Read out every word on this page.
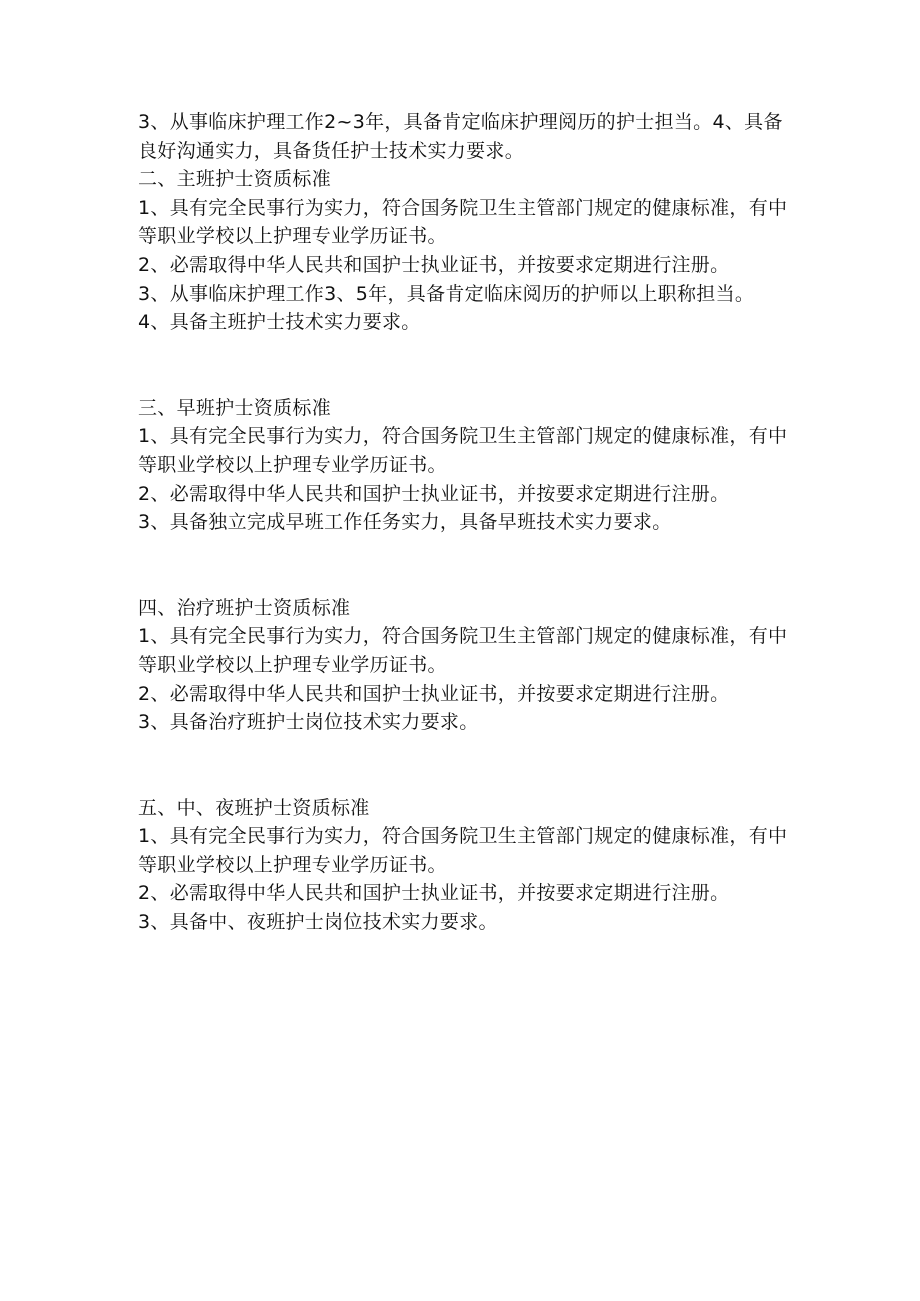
3、从事临床护理工作2~3年，具备肯定临床护理阅历的护士担当。4、具备良好沟通实力，具备货任护士技术实力要求。

二、主班护士资质标准

1、具有完全民事行为实力，符合国务院卫生主管部门规定的健康标准，有中等职业学校以上护理专业学历证书。

2、必需取得中华人民共和国护士执业证书，并按要求定期进行注册。

3、从事临床护理工作3、5年，具备肯定临床阅历的护师以上职称担当。

4、具备主班护士技术实力要求。

三、早班护士资质标准

1、具有完全民事行为实力，符合国务院卫生主管部门规定的健康标准，有中等职业学校以上护理专业学历证书。

2、必需取得中华人民共和国护士执业证书，并按要求定期进行注册。

3、具备独立完成早班工作任务实力，具备早班技术实力要求。

四、治疗班护士资质标准

1、具有完全民事行为实力，符合国务院卫生主管部门规定的健康标准，有中等职业学校以上护理专业学历证书。

2、必需取得中华人民共和国护士执业证书，并按要求定期进行注册。

3、具备治疗班护士岗位技术实力要求。

五、中、夜班护士资质标准

1、具有完全民事行为实力，符合国务院卫生主管部门规定的健康标准，有中等职业学校以上护理专业学历证书。

2、必需取得中华人民共和国护士执业证书，并按要求定期进行注册。

3、具备中、夜班护士岗位技术实力要求。
